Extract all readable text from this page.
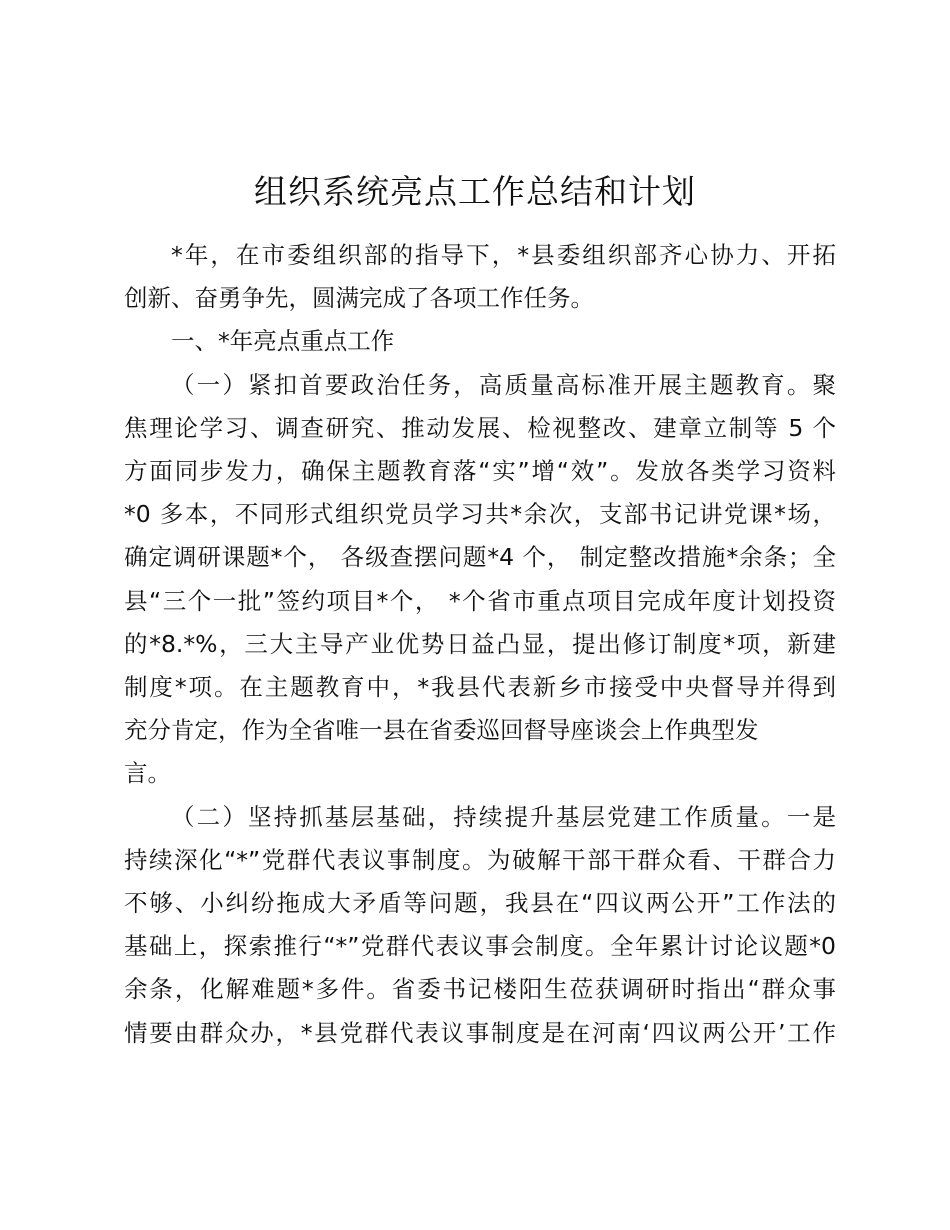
组织系统亮点工作总结和计划

*年，在市委组织部的指导下，*县委组织部齐心协力、开拓
创新、奋勇争先，圆满完成了各项工作任务。

一、*年亮点重点工作

（一）紧扣首要政治任务，高质量高标准开展主题教育。聚
焦理论学习、调查研究、推动发展、检视整改、建章立制等 5 个
方面同步发力，确保主题教育落“实”增“效”。发放各类学习资料
*0 多本，不同形式组织党员学习共*余次，支部书记讲党课*场，
确定调研课题*个， 各级查摆问题*4 个， 制定整改措施*余条；全
县“三个一批”签约项目*个， *个省市重点项目完成年度计划投资
的*8.*%，三大主导产业优势日益凸显，提出修订制度*项，新建
制度*项。在主题教育中，*我县代表新乡市接受中央督导并得到
充分肯定，作为全省唯一县在省委巡回督导座谈会上作典型发
言。

（二）坚持抓基层基础，持续提升基层党建工作质量。一是
持续深化“*”党群代表议事制度。为破解干部干群众看、干群合力
不够、小纠纷拖成大矛盾等问题，我县在“四议两公开”工作法的
基础上，探索推行“*”党群代表议事会制度。全年累计讨论议题*0
余条，化解难题*多件。省委书记楼阳生莅获调研时指出“群众事
情要由群众办，*县党群代表议事制度是在河南‘四议两公开’工作
